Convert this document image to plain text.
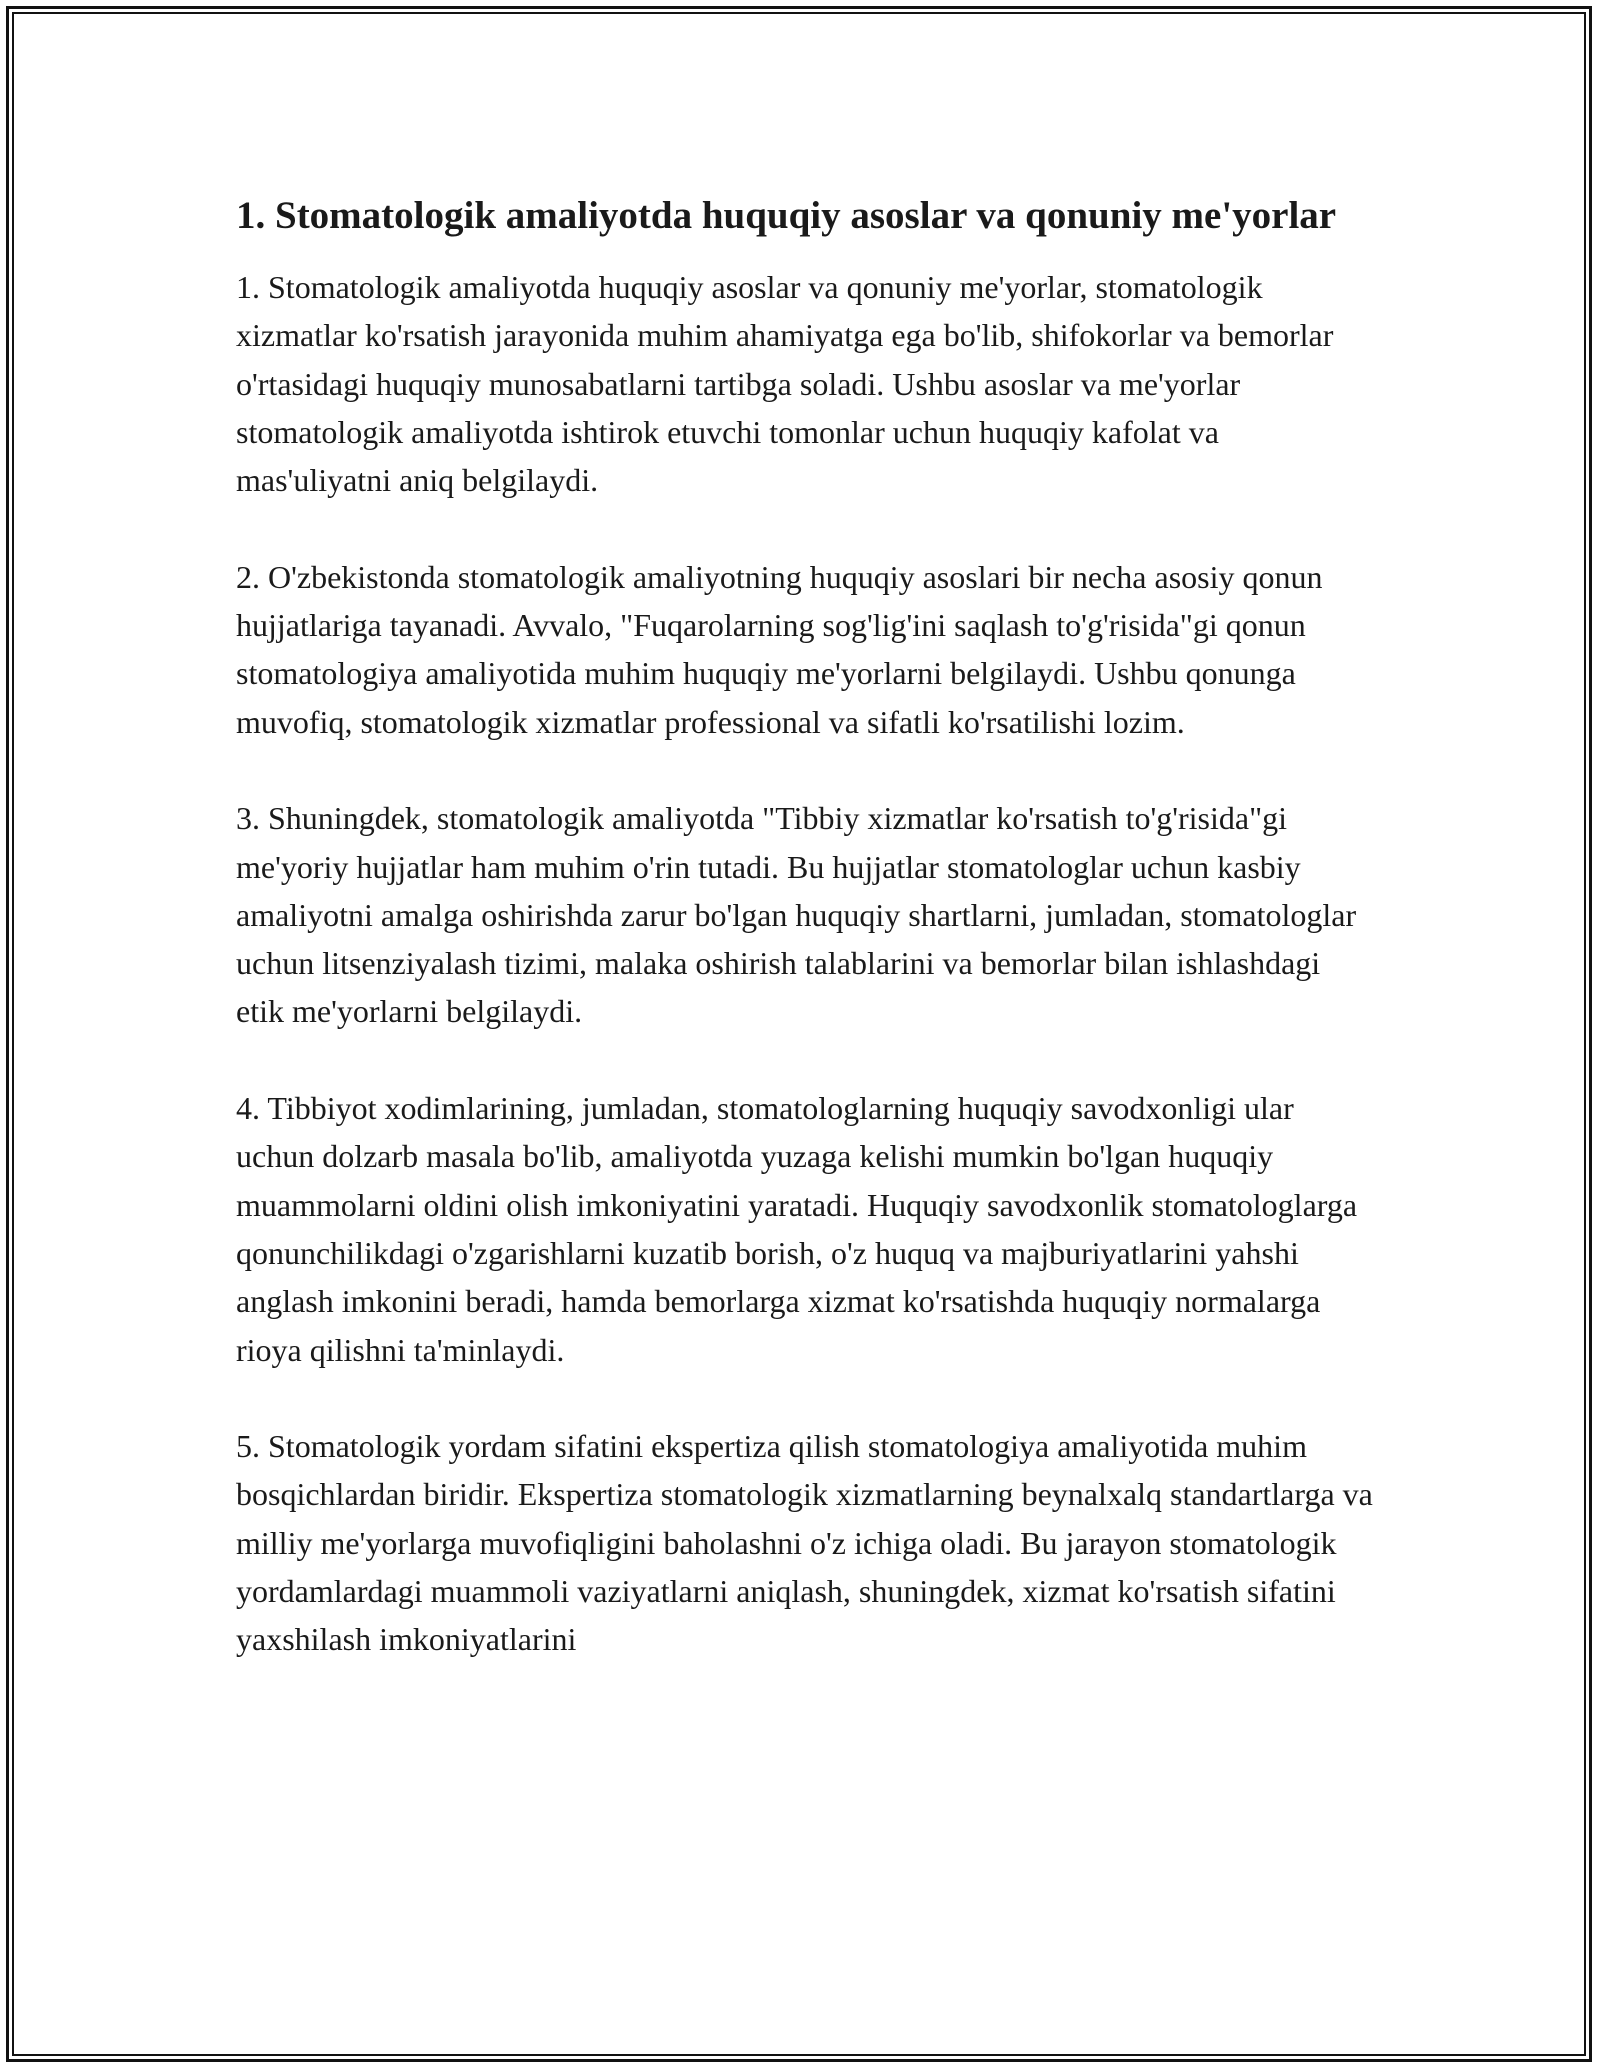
1. Stomatologik amaliyotda huquqiy asoslar va qonuniy me'yorlar

1. Stomatologik amaliyotda huquqiy asoslar va qonuniy me'yorlar, stomatologik xizmatlar ko'rsatish jarayonida muhim ahamiyatga ega bo'lib, shifokorlar va bemorlar o'rtasidagi huquqiy munosabatlarni tartibga soladi. Ushbu asoslar va me'yorlar stomatologik amaliyotda ishtirok etuvchi tomonlar uchun huquqiy kafolat va mas'uliyatni aniq belgilaydi.

2. O'zbekistonda stomatologik amaliyotning huquqiy asoslari bir necha asosiy qonun hujjatlariga tayanadi. Avvalo, "Fuqarolarning sog'lig'ini saqlash to'g'risida"gi qonun stomatologiya amaliyotida muhim huquqiy me'yorlarni belgilaydi. Ushbu qonunga muvofiq, stomatologik xizmatlar professional va sifatli ko'rsatilishi lozim.

3. Shuningdek, stomatologik amaliyotda "Tibbiy xizmatlar ko'rsatish to'g'risida"gi me'yoriy hujjatlar ham muhim o'rin tutadi. Bu hujjatlar stomatologlar uchun kasbiy amaliyotni amalga oshirishda zarur bo'lgan huquqiy shartlarni, jumladan, stomatologlar uchun litsenziyalash tizimi, malaka oshirish talablarini va bemorlar bilan ishlashdagi etik me'yorlarni belgilaydi.

4. Tibbiyot xodimlarining, jumladan, stomatologlarning huquqiy savodxonligi ular uchun dolzarb masala bo'lib, amaliyotda yuzaga kelishi mumkin bo'lgan huquqiy muammolarni oldini olish imkoniyatini yaratadi. Huquqiy savodxonlik stomatologlarga qonunchilikdagi o'zgarishlarni kuzatib borish, o'z huquq va majburiyatlarini yahshi anglash imkonini beradi, hamda bemorlarga xizmat ko'rsatishda huquqiy normalarga rioya qilishni ta'minlaydi.

5. Stomatologik yordam sifatini ekspertiza qilish stomatologiya amaliyotida muhim bosqichlardan biridir. Ekspertiza stomatologik xizmatlarning beynalxalq standartlarga va milliy me'yorlarga muvofiqligini baholashni o'z ichiga oladi. Bu jarayon stomatologik yordamlardagi muammoli vaziyatlarni aniqlash, shuningdek, xizmat ko'rsatish sifatini yaxshilash imkoniyatlarini
